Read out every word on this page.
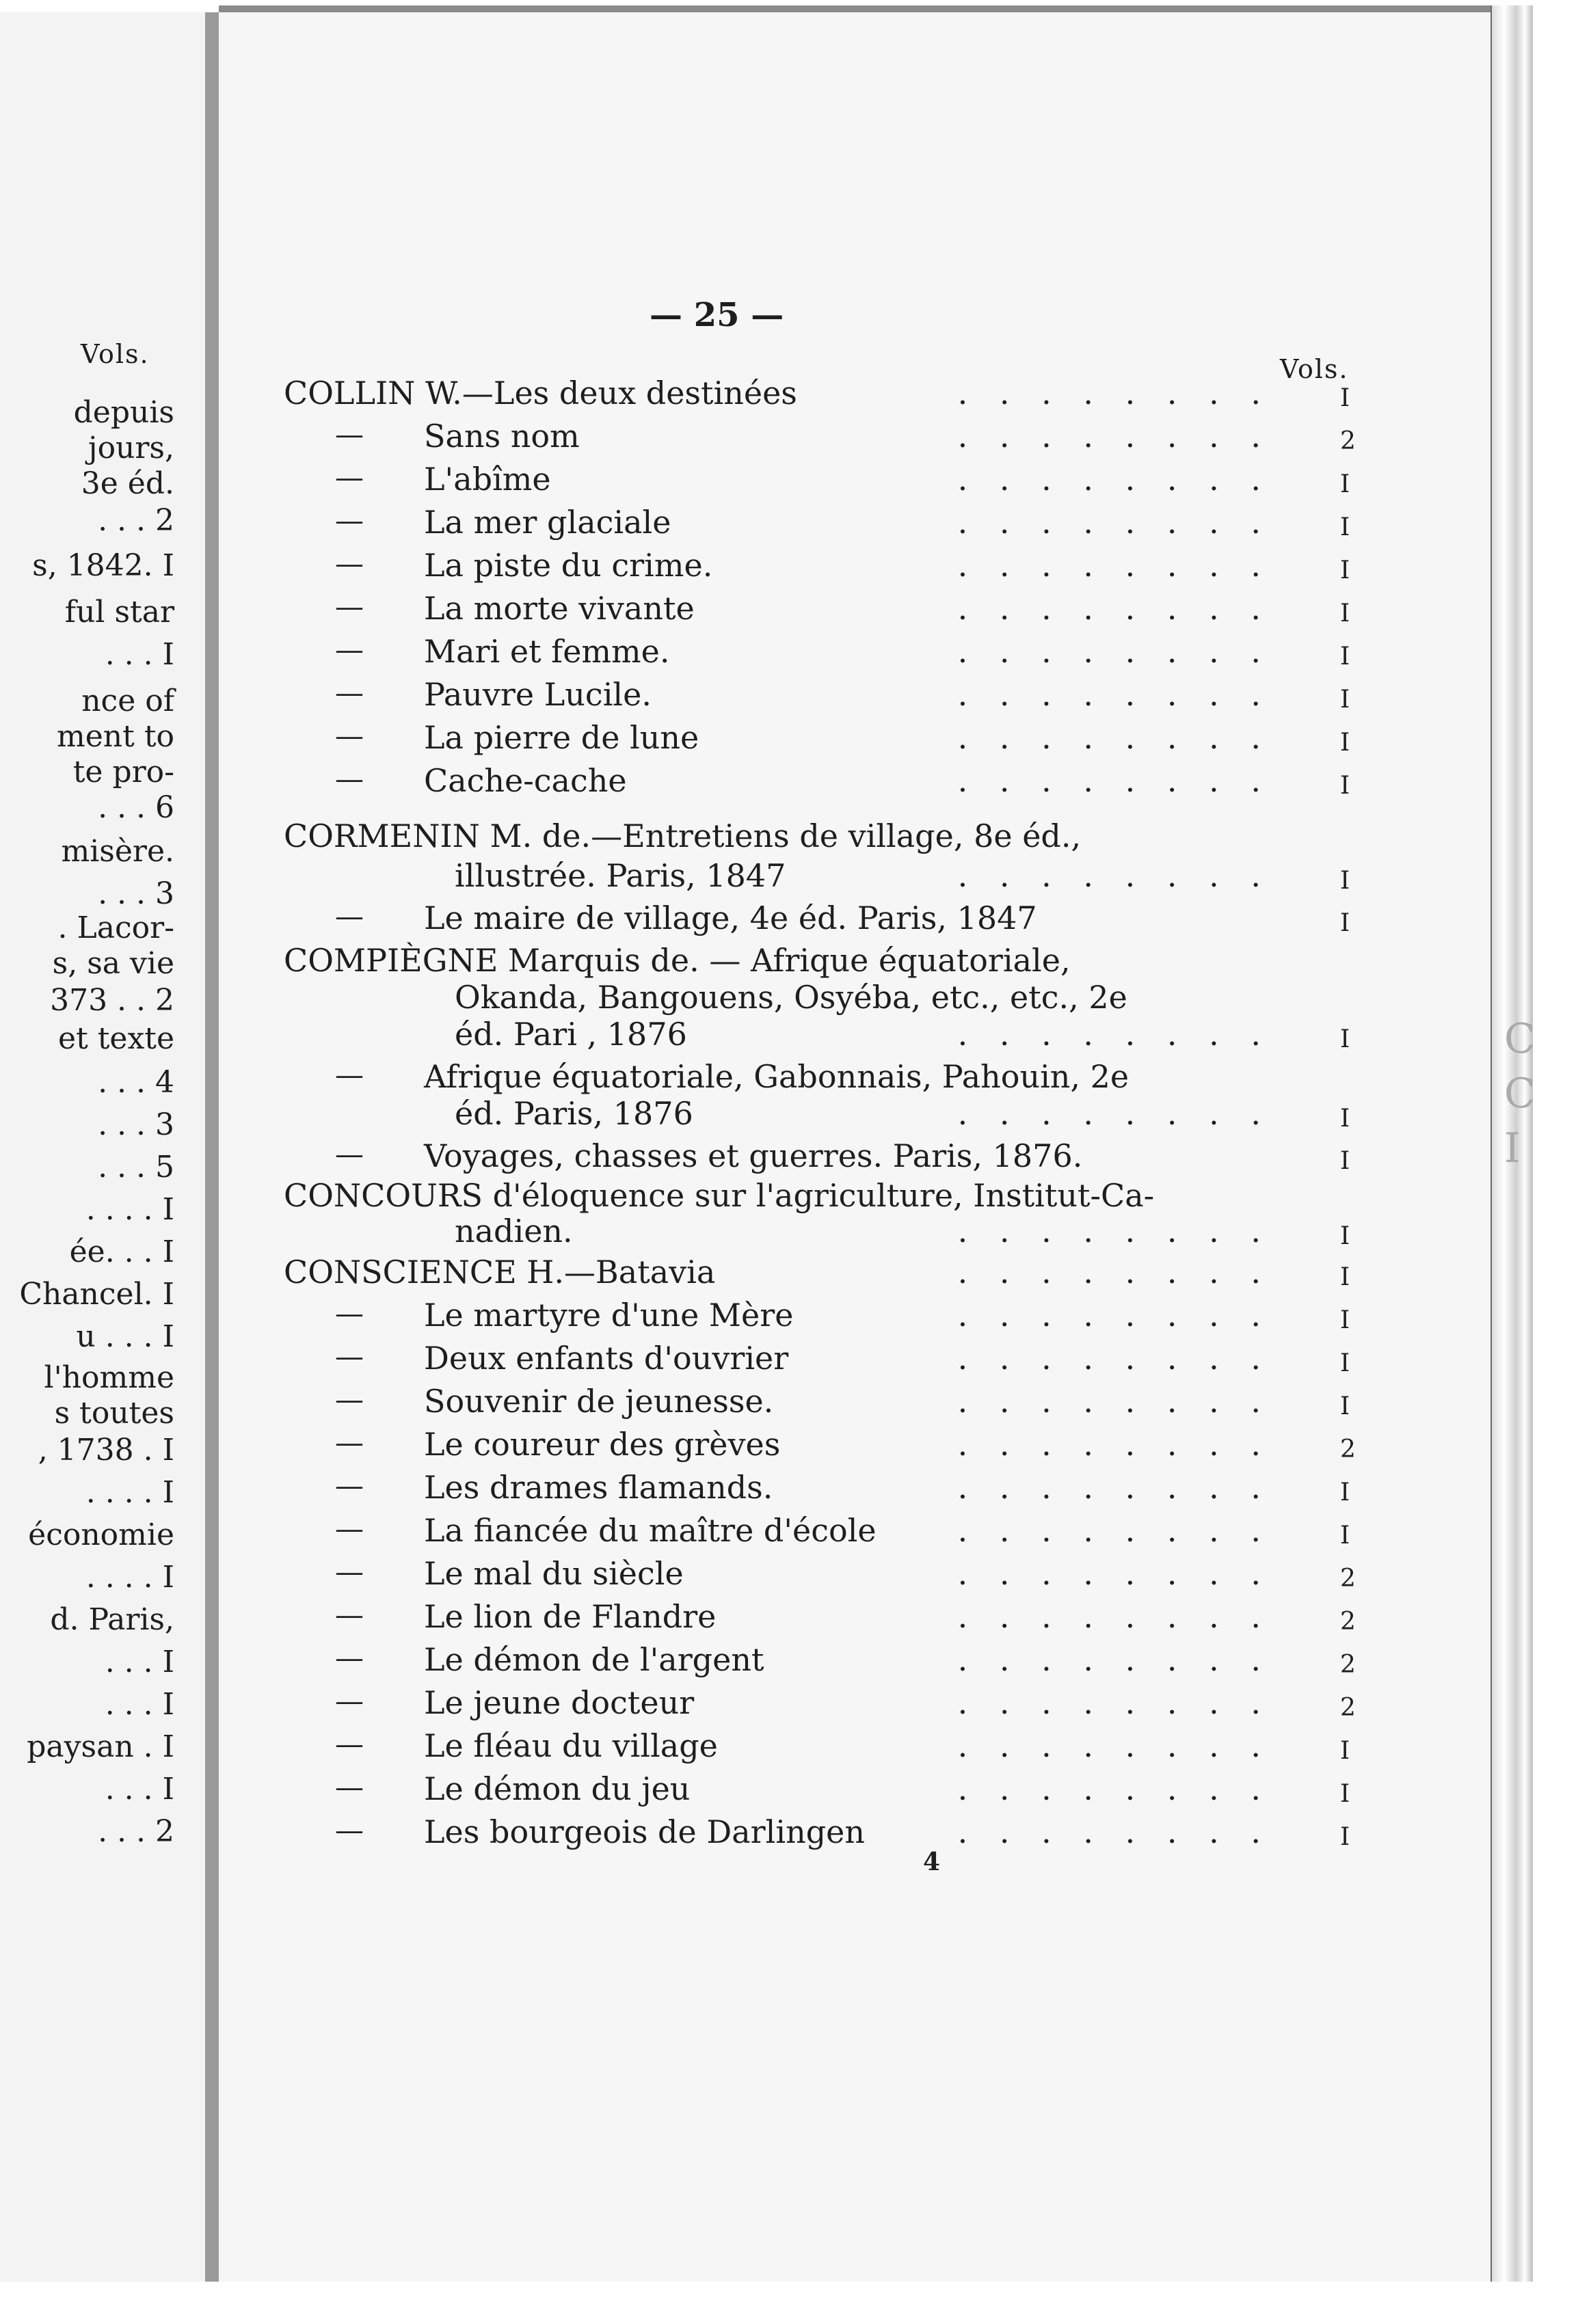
Vols.
depuis
jours,
3e éd.
. . . 2
s, 1842. I
ful star
. . . I
nce of
ment to
te pro-
. . . 6
misère.
. . . 3
. Lacor-
s, sa vie
373 . . 2
et texte
. . . 4
. . . 3
. . . 5
. . . . I
ée. . . I
Chancel. I
u . . . I
l'homme
s toutes
, 1738 . I
. . . . I
économie
. . . . I
d. Paris,
. . . I
. . . I
paysan . I
. . . I
. . . 2
— 25 —
Vols.
COLLIN W.—Les deux destinées	. . . . . . . .	I
— Sans nom	. . . . . . . .	2
— L'abîme	. . . . . . . .	I
— La mer glaciale	. . . . . . . .	I
— La piste du crime.	. . . . . . . .	I
— La morte vivante	. . . . . . . .	I
— Mari et femme.	. . . . . . . .	I
— Pauvre Lucile.	. . . . . . . .	I
— La pierre de lune	. . . . . . . .	I
— Cache-cache	. . . . . . . .	I
CORMENIN M. de.—Entretiens de village, 8e éd.,
illustrée. Paris, 1847	. . . . . . . .	I
— Le maire de village, 4e éd. Paris, 1847	I
COMPIÈGNE Marquis de. — Afrique équatoriale,
Okanda, Bangouens, Osyéba, etc., etc., 2e
éd. Pari , 1876	. . . . . . . .	I
— Afrique équatoriale, Gabonnais, Pahouin, 2e
éd. Paris, 1876	. . . . . . . .	I
— Voyages, chasses et guerres. Paris, 1876.	I
CONCOURS d'éloquence sur l'agriculture, Institut-Ca-
nadien.	. . . . . . . .	I
CONSCIENCE H.—Batavia	. . . . . . . .	I
— Le martyre d'une Mère	. . . . . . . .	I
— Deux enfants d'ouvrier	. . . . . . . .	I
— Souvenir de jeunesse.	. . . . . . . .	I
— Le coureur des grèves	. . . . . . . .	2
— Les drames flamands.	. . . . . . . .	I
— La fiancée du maître d'école	. . . . . . . .	I
— Le mal du siècle	. . . . . . . .	2
— Le lion de Flandre	. . . . . . . .	2
— Le démon de l'argent	. . . . . . . .	2
— Le jeune docteur	. . . . . . . .	2
— Le fléau du village	. . . . . . . .	I
— Le démon du jeu	. . . . . . . .	I
— Les bourgeois de Darlingen	. . . . . . . .	I
4
C
C
I
